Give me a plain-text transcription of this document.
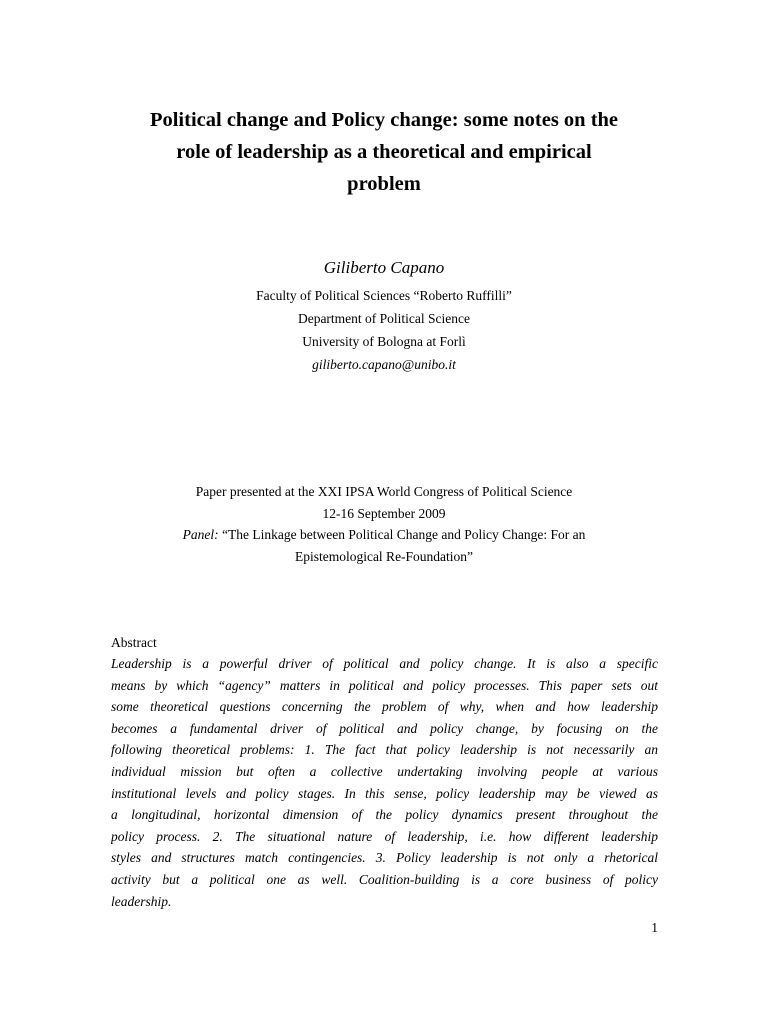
Political change and Policy change: some notes on the
role of leadership as a theoretical and empirical
problem
Giliberto Capano
Faculty of Political Sciences “Roberto Ruffilli”
Department of Political Science
University of Bologna at Forlì
giliberto.capano@unibo.it
Paper presented at the XXI IPSA World Congress of Political Science
12-16 September 2009
Panel: “The Linkage between Political Change and Policy Change: For an
Epistemological Re-Foundation”
Abstract
Leadership is a powerful driver of political and policy change. It is also a specific
means by which “agency” matters in political and policy processes. This paper sets out
some theoretical questions concerning the problem of why, when and how leadership
becomes a fundamental driver of political and policy change, by focusing on the
following theoretical problems: 1. The fact that policy leadership is not necessarily an
individual mission but often a collective undertaking involving people at various
institutional levels and policy stages. In this sense, policy leadership may be viewed as
a longitudinal, horizontal dimension of the policy dynamics present throughout the
policy process. 2. The situational nature of leadership, i.e. how different leadership
styles and structures match contingencies. 3. Policy leadership is not only a rhetorical
activity but a political one as well. Coalition-building is a core business of policy
leadership.
1
